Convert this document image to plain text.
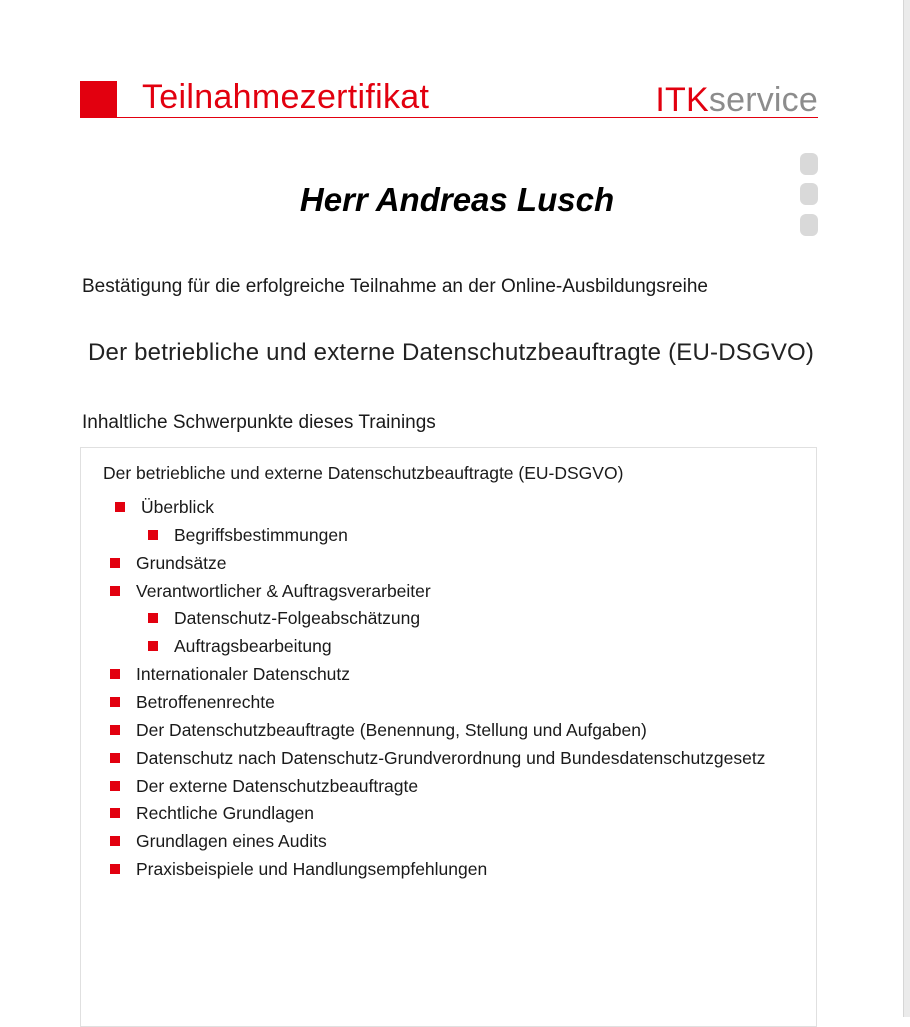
Teilnahmezertifikat	ITKservice
Herr Andreas Lusch
Bestätigung für die erfolgreiche Teilnahme an der Online-Ausbildungsreihe
Der betriebliche und externe Datenschutzbeauftragte (EU-DSGVO)
Inhaltliche Schwerpunkte dieses Trainings
Der betriebliche und externe Datenschutzbeauftragte (EU-DSGVO)
Überblick
Begriffsbestimmungen
Grundsätze
Verantwortlicher & Auftragsverarbeiter
Datenschutz-Folgeabschätzung
Auftragsbearbeitung
Internationaler Datenschutz
Betroffenenrechte
Der Datenschutzbeauftragte (Benennung, Stellung und Aufgaben)
Datenschutz nach Datenschutz-Grundverordnung und Bundesdatenschutzgesetz
Der externe Datenschutzbeauftragte
Rechtliche Grundlagen
Grundlagen eines Audits
Praxisbeispiele und Handlungsempfehlungen
